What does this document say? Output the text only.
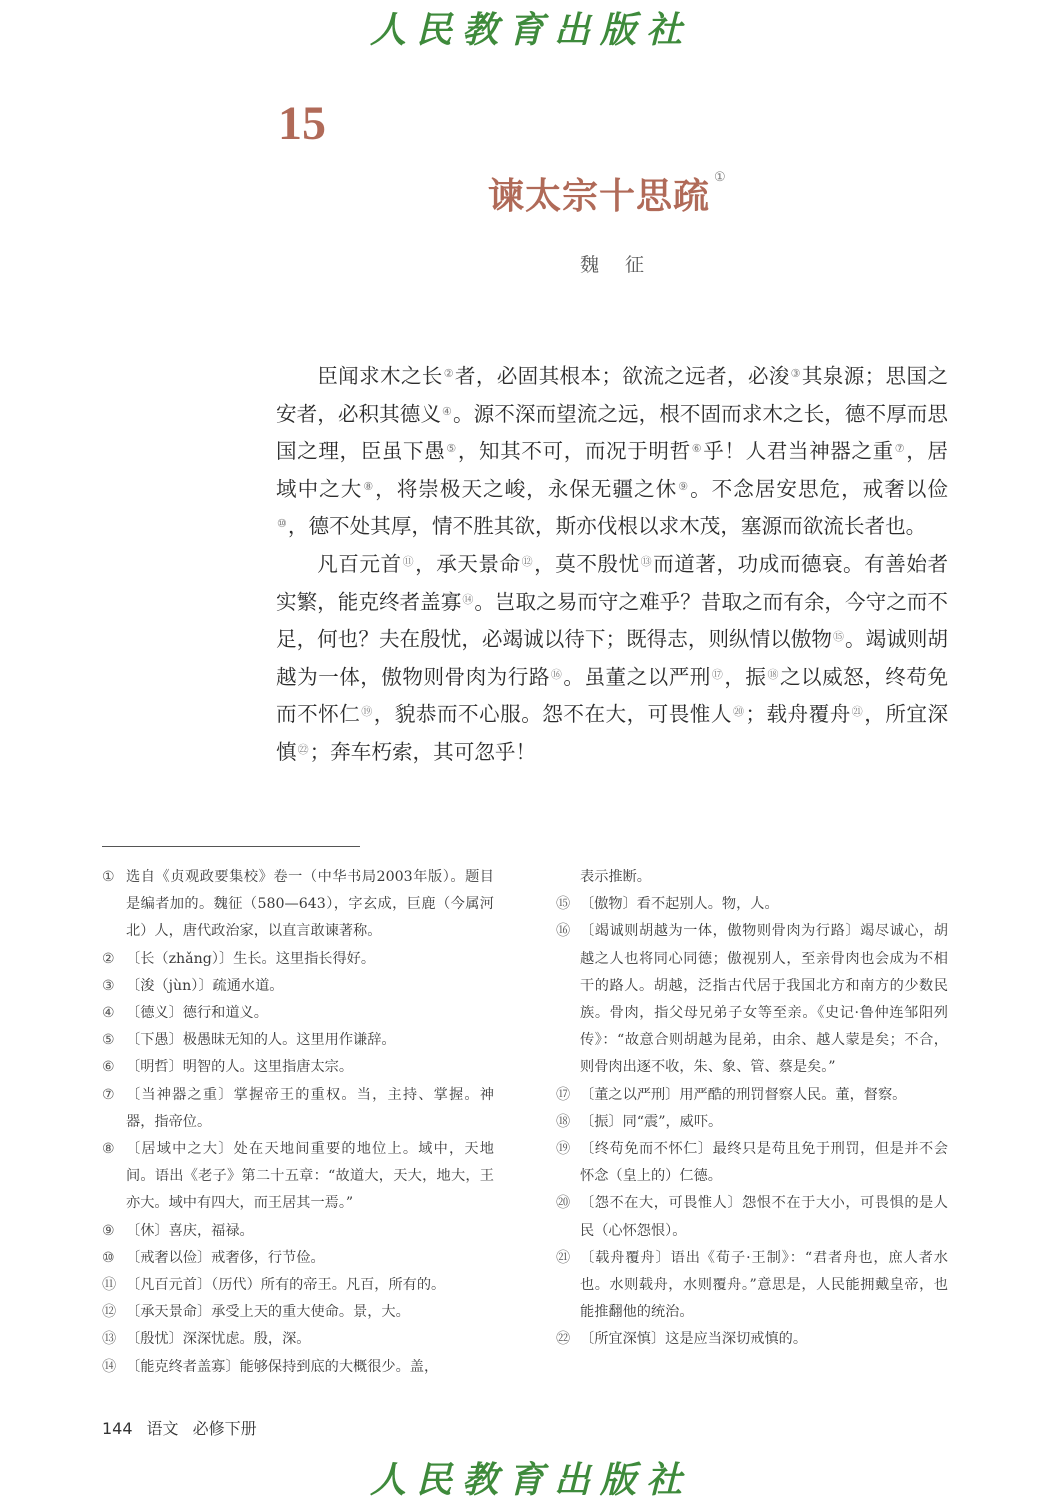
人民教育出版社
15
谏太宗十思疏 ①
魏 征

臣闻求木之长②者，必固其根本；欲流之远者，必浚③其泉源；思国之安者，必积其德义④。源不深而望流之远，根不固而求木之长，德不厚而思国之理，臣虽下愚⑤，知其不可，而况于明哲⑥乎！人君当神器之重⑦，居域中之大⑧，将崇极天之峻，永保无疆之休⑨。不念居安思危，戒奢以俭⑩，德不处其厚，情不胜其欲，斯亦伐根以求木茂，塞源而欲流长者也。

凡百元首⑪，承天景命⑫，莫不殷忧⑬而道著，功成而德衰。有善始者实繁，能克终者盖寡⑭。岂取之易而守之难乎？昔取之而有余，今守之而不足，何也？夫在殷忧，必竭诚以待下；既得志，则纵情以傲物⑮。竭诚则胡越为一体，傲物则骨肉为行路⑯。虽董之以严刑⑰，振⑱之以威怒，终苟免而不怀仁⑲，貌恭而不心服。怨不在大，可畏惟人⑳；载舟覆舟$^㉑$，所宜深慎$^㉒$；奔车朽索，其可忽乎！

① 选自《贞观政要集校》卷一（中华书局2003年版）。题目是编者加的。魏征（580—643），字玄成，巨鹿（今属河北）人，唐代政治家，以直言敢谏著称。
② 〔长（zhǎng）〕生长。这里指长得好。
③ 〔浚（jùn）〕疏通水道。
④ 〔德义〕德行和道义。
⑤ 〔下愚〕极愚昧无知的人。这里用作谦辞。
⑥ 〔明哲〕明智的人。这里指唐太宗。
⑦ 〔当神器之重〕掌握帝王的重权。当，主持、掌握。神器，指帝位。
⑧ 〔居域中之大〕处在天地间重要的地位上。域中，天地间。语出《老子》第二十五章：“故道大，天大，地大，王亦大。域中有四大，而王居其一焉。”
⑨ 〔休〕喜庆，福禄。
⑩ 〔戒奢以俭〕戒奢侈，行节俭。
⑪ 〔凡百元首〕（历代）所有的帝王。凡百，所有的。
⑫ 〔承天景命〕承受上天的重大使命。景，大。
⑬ 〔殷忧〕深深忧虑。殷，深。
⑭ 〔能克终者盖寡〕能够保持到底的大概很少。盖，
表示推断。
⑮ 〔傲物〕看不起别人。物，人。
⑯ 〔竭诚则胡越为一体，傲物则骨肉为行路〕竭尽诚心，胡越之人也将同心同德；傲视别人，至亲骨肉也会成为不相干的路人。胡越，泛指古代居于我国北方和南方的少数民族。骨肉，指父母兄弟子女等至亲。《史记·鲁仲连邹阳列传》：“故意合则胡越为昆弟，由余、越人蒙是矣；不合，则骨肉出逐不收，朱、象、管、蔡是矣。”
⑰ 〔董之以严刑〕用严酷的刑罚督察人民。董，督察。
⑱ 〔振〕同“震”，威吓。
⑲ 〔终苟免而不怀仁〕最终只是苟且免于刑罚，但是并不会怀念（皇上的）仁德。
⑳ 〔怨不在大，可畏惟人〕怨恨不在于大小，可畏惧的是人民（心怀怨恨）。
㉑ 〔载舟覆舟〕语出《荀子·王制》：“君者舟也，庶人者水也。水则载舟，水则覆舟。”意思是，人民能拥戴皇帝，也能推翻他的统治。
㉒ 〔所宜深慎〕这是应当深切戒慎的。
144 语文 必修下册
人民教育出版社
